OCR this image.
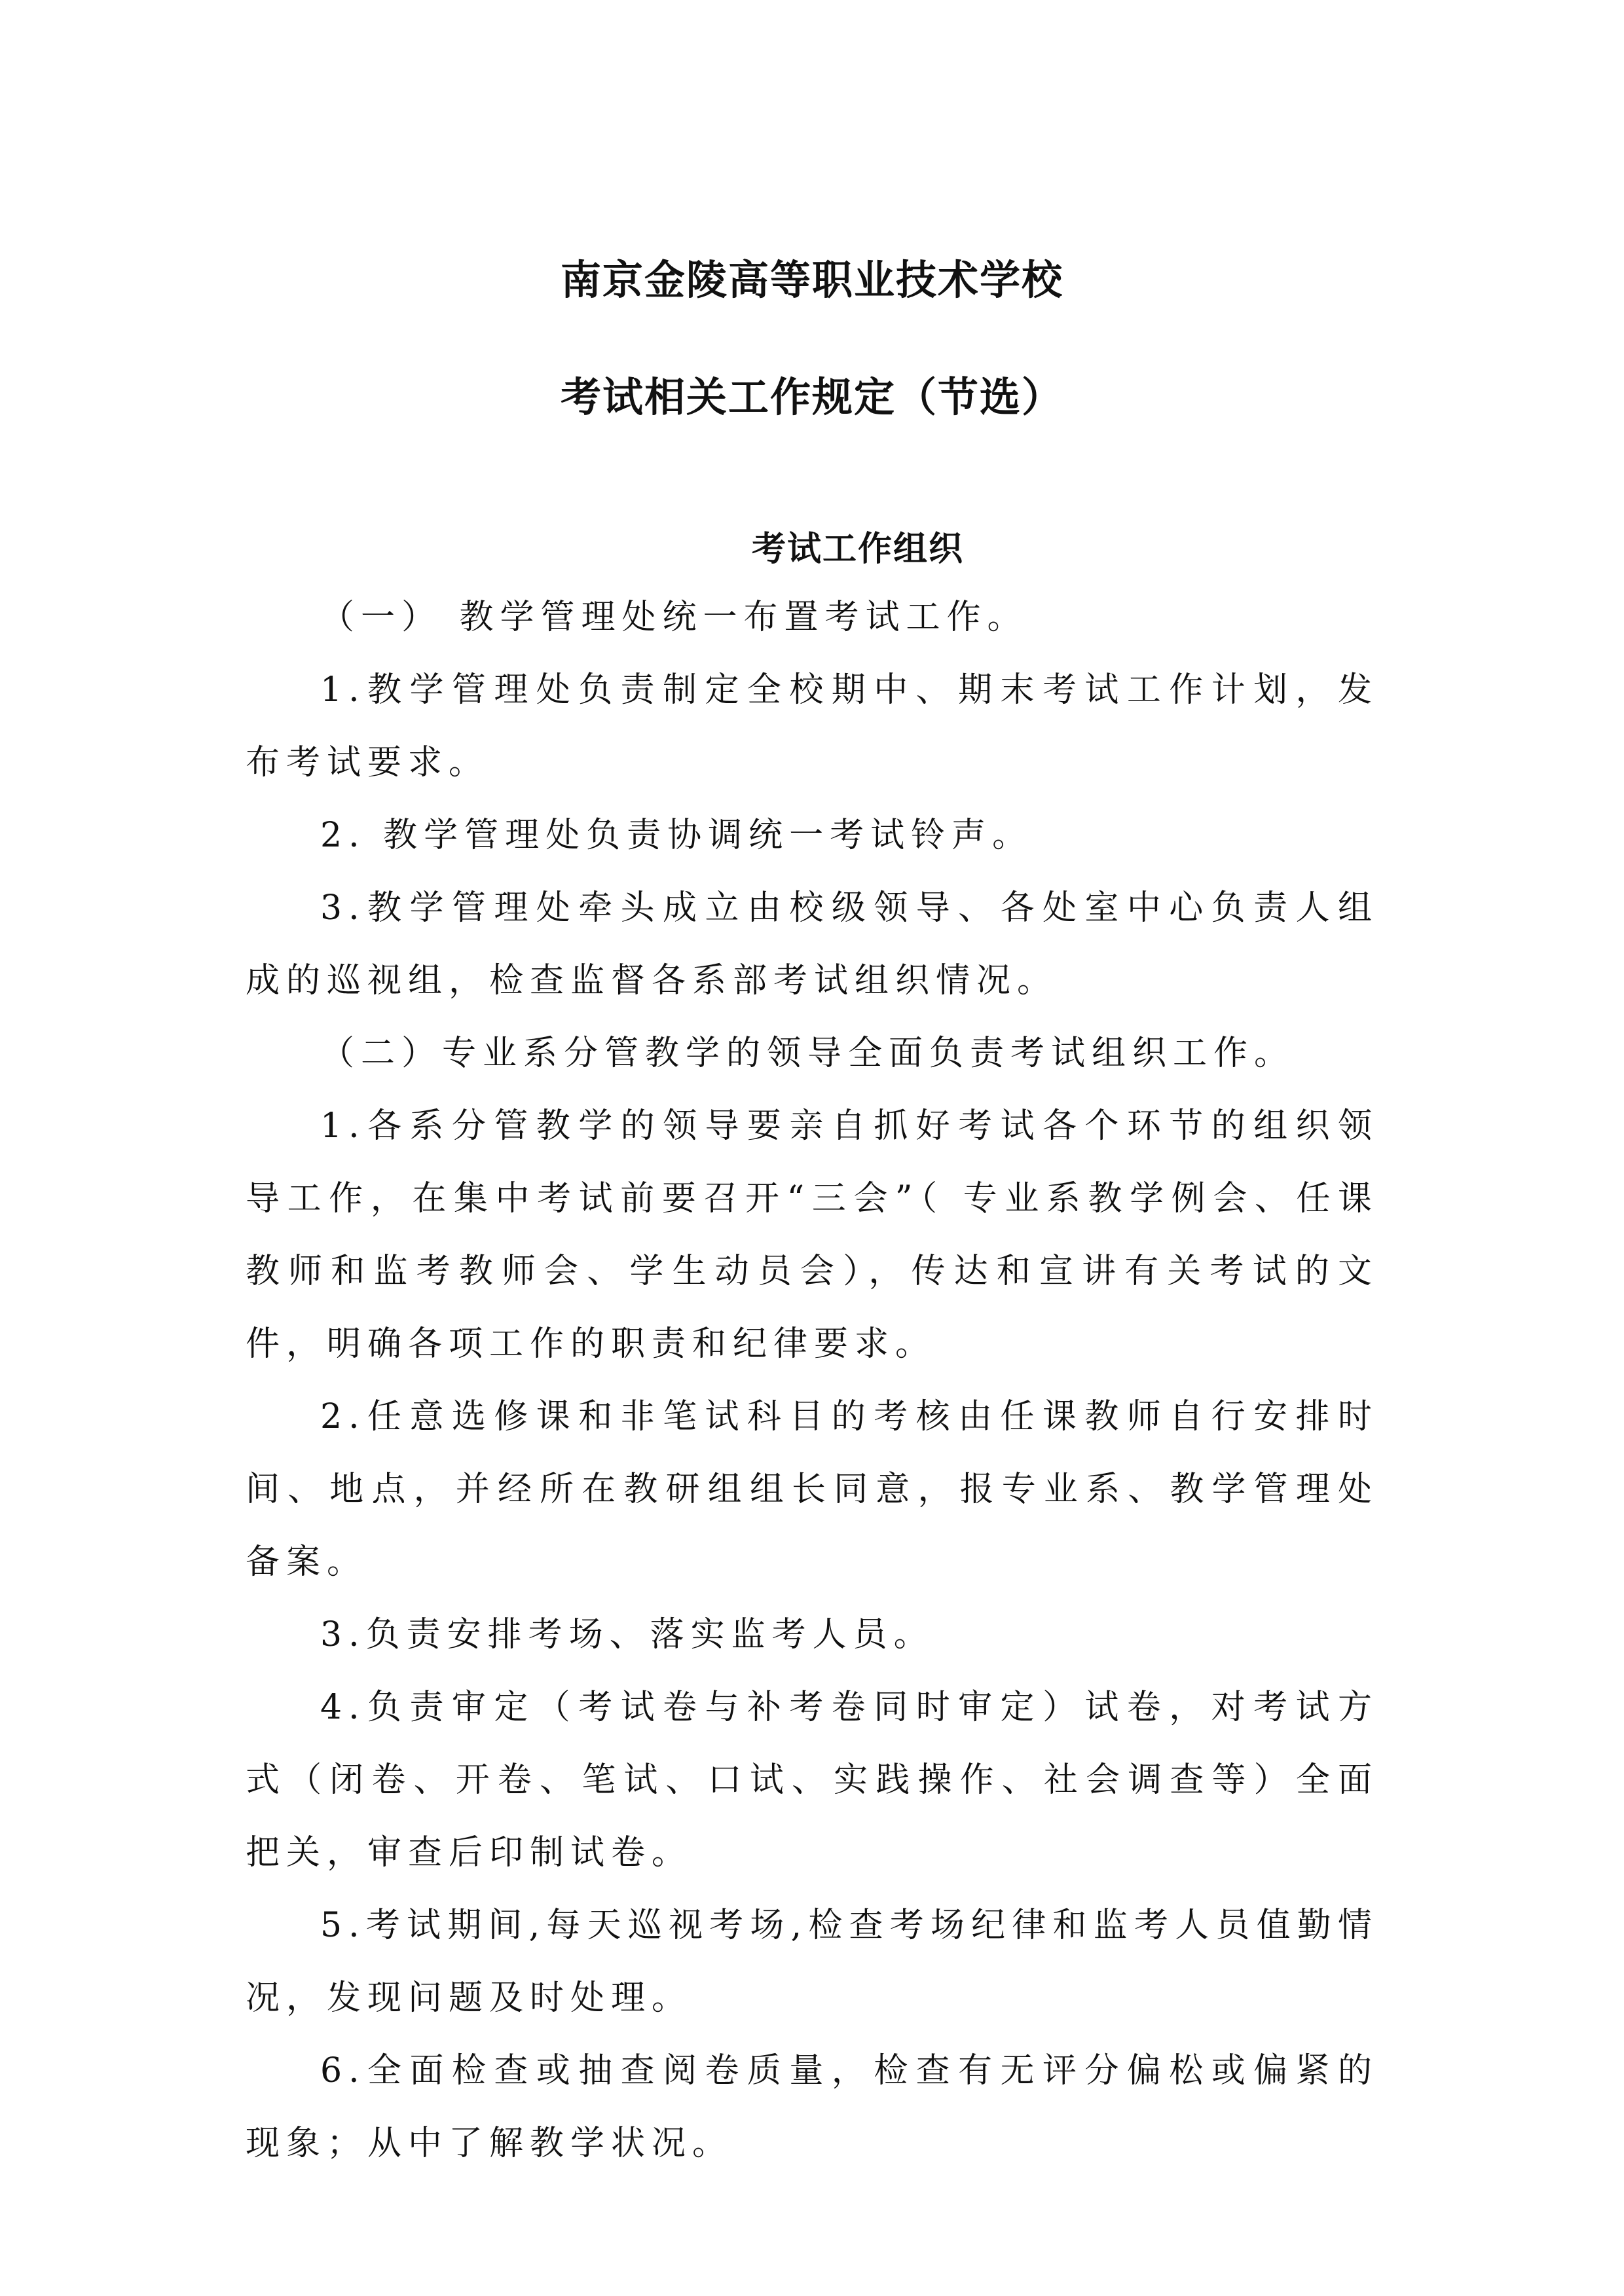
南京金陵高等职业技术学校
考试相关工作规定（节选）
考试工作组织

（一） 教学管理处统一布置考试工作。

1.教学管理处负责制定全校期中、期末考试工作计划，发布考试要求。

2. 教学管理处负责协调统一考试铃声。

3.教学管理处牵头成立由校级领导、各处室中心负责人组成的巡视组，检查监督各系部考试组织情况。

（二）专业系分管教学的领导全面负责考试组织工作。

1.各系分管教学的领导要亲自抓好考试各个环节的组织领导工作，在集中考试前要召开“三会”（ 专业系教学例会、任课教师和监考教师会、学生动员会），传达和宣讲有关考试的文件，明确各项工作的职责和纪律要求。

2.任意选修课和非笔试科目的考核由任课教师自行安排时间、地点，并经所在教研组组长同意，报专业系、教学管理处备案。

3.负责安排考场、落实监考人员。

4.负责审定（考试卷与补考卷同时审定）试卷，对考试方式（闭卷、开卷、笔试、口试、实践操作、社会调查等）全面把关，审查后印制试卷。

5.考试期间,每天巡视考场,检查考场纪律和监考人员值勤情况，发现问题及时处理。

6.全面检查或抽查阅卷质量，检查有无评分偏松或偏紧的现象；从中了解教学状况。
